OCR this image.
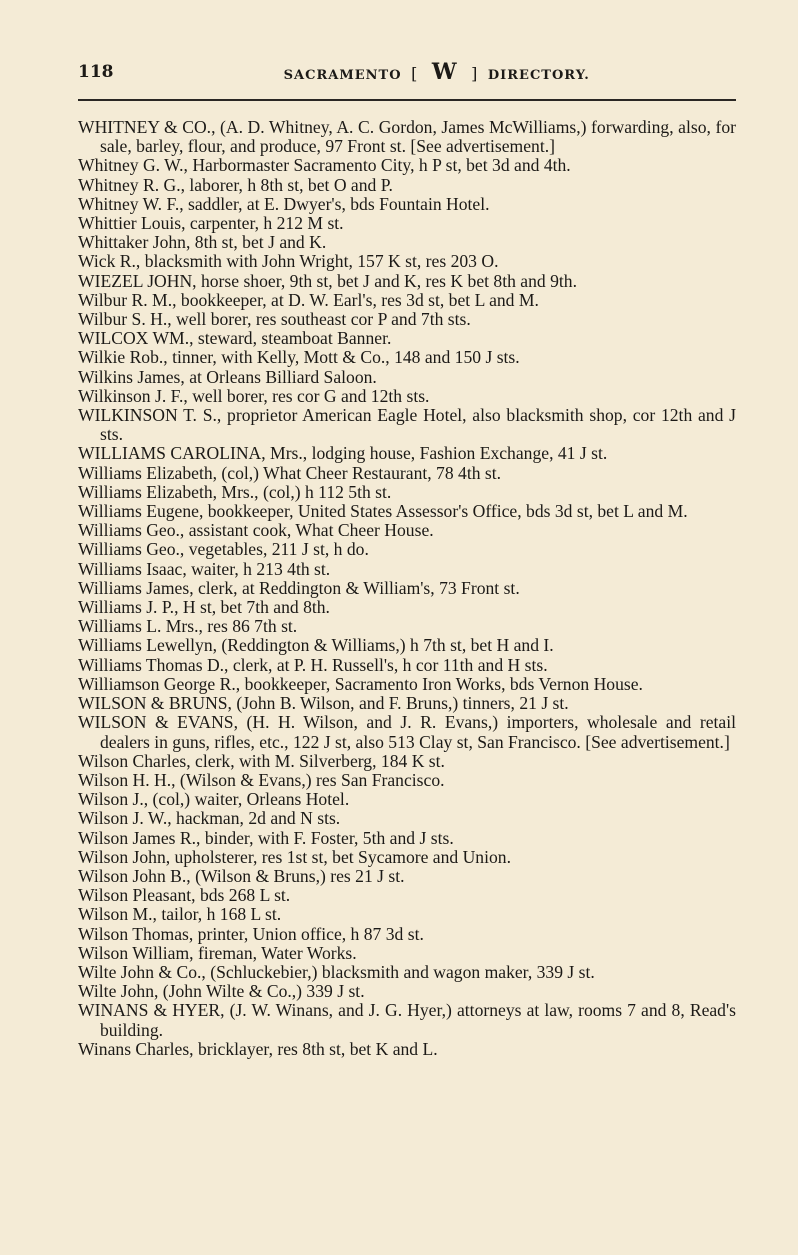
118	SACRAMENTO [ W ] DIRECTORY.

WHITNEY & CO., (A. D. Whitney, A. C. Gordon, James McWilliams,) forwarding, also, for sale, barley, flour, and produce, 97 Front st. [See advertisement.]

Whitney G. W., Harbormaster Sacramento City, h P st, bet 3d and 4th.

Whitney R. G., laborer, h 8th st, bet O and P.

Whitney W. F., saddler, at E. Dwyer's, bds Fountain Hotel.

Whittier Louis, carpenter, h 212 M st.

Whittaker John, 8th st, bet J and K.

Wick R., blacksmith with John Wright, 157 K st, res 203 O.

WIEZEL JOHN, horse shoer, 9th st, bet J and K, res K bet 8th and 9th.

Wilbur R. M., bookkeeper, at D. W. Earl's, res 3d st, bet L and M.

Wilbur S. H., well borer, res southeast cor P and 7th sts.

WILCOX WM., steward, steamboat Banner.

Wilkie Rob., tinner, with Kelly, Mott & Co., 148 and 150 J sts.

Wilkins James, at Orleans Billiard Saloon.

Wilkinson J. F., well borer, res cor G and 12th sts.

WILKINSON T. S., proprietor American Eagle Hotel, also blacksmith shop, cor 12th and J sts.

WILLIAMS CAROLINA, Mrs., lodging house, Fashion Exchange, 41 J st.

Williams Elizabeth, (col,) What Cheer Restaurant, 78 4th st.

Williams Elizabeth, Mrs., (col,) h 112 5th st.

Williams Eugene, bookkeeper, United States Assessor's Office, bds 3d st, bet L and M.

Williams Geo., assistant cook, What Cheer House.

Williams Geo., vegetables, 211 J st, h do.

Williams Isaac, waiter, h 213 4th st.

Williams James, clerk, at Reddington & William's, 73 Front st.

Williams J. P., H st, bet 7th and 8th.

Williams L. Mrs., res 86 7th st.

Williams Lewellyn, (Reddington & Williams,) h 7th st, bet H and I.

Williams Thomas D., clerk, at P. H. Russell's, h cor 11th and H sts.

Williamson George R., bookkeeper, Sacramento Iron Works, bds Vernon House.

WILSON & BRUNS, (John B. Wilson, and F. Bruns,) tinners, 21 J st.

WILSON & EVANS, (H. H. Wilson, and J. R. Evans,) importers, wholesale and retail dealers in guns, rifles, etc., 122 J st, also 513 Clay st, San Francisco. [See advertisement.]

Wilson Charles, clerk, with M. Silverberg, 184 K st.

Wilson H. H., (Wilson & Evans,) res San Francisco.

Wilson J., (col,) waiter, Orleans Hotel.

Wilson J. W., hackman, 2d and N sts.

Wilson James R., binder, with F. Foster, 5th and J sts.

Wilson John, upholsterer, res 1st st, bet Sycamore and Union.

Wilson John B., (Wilson & Bruns,) res 21 J st.

Wilson Pleasant, bds 268 L st.

Wilson M., tailor, h 168 L st.

Wilson Thomas, printer, Union office, h 87 3d st.

Wilson William, fireman, Water Works.

Wilte John & Co., (Schluckebier,) blacksmith and wagon maker, 339 J st.

Wilte John, (John Wilte & Co.,) 339 J st.

WINANS & HYER, (J. W. Winans, and J. G. Hyer,) attorneys at law, rooms 7 and 8, Read's building.

Winans Charles, bricklayer, res 8th st, bet K and L.
